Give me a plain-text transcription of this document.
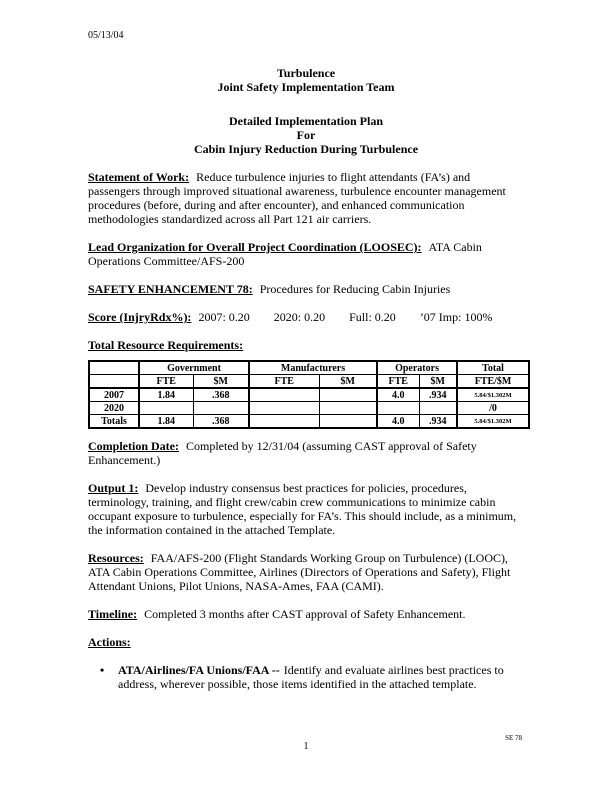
05/13/04
Turbulence
Joint Safety Implementation Team
Detailed Implementation Plan
For
Cabin Injury Reduction During Turbulence

Statement of Work: Reduce turbulence injuries to flight attendants (FA’s) and passengers through improved situational awareness, turbulence encounter management procedures (before, during and after encounter), and enhanced communication methodologies standardized across all Part 121 air carriers.

Lead Organization for Overall Project Coordination (LOOSEC): ATA Cabin Operations Committee/AFS-200

SAFETY ENHANCEMENT 78: Procedures for Reducing Cabin Injuries

Score (InjryRdx%): 2007: 0.20 2020: 0.20 Full: 0.20 ’07 Imp: 100%

Total Resource Requirements:

	Government		Manufacturers		Operators		Total
	FTE	$M	FTE	$M	FTE	$M	FTE/$M
2007	1.84	.368			4.0	.934	5.84/$1.302M
2020							/0
Totals	1.84	.368			4.0	.934	5.84/$1.302M

Completion Date: Completed by 12/31/04 (assuming CAST approval of Safety Enhancement.)

Output 1: Develop industry consensus best practices for policies, procedures, terminology, training, and flight crew/cabin crew communications to minimize cabin occupant exposure to turbulence, especially for FA’s. This should include, as a minimum, the information contained in the attached Template.

Resources: FAA/AFS-200 (Flight Standards Working Group on Turbulence) (LOOC), ATA Cabin Operations Committee, Airlines (Directors of Operations and Safety), Flight Attendant Unions, Pilot Unions, NASA-Ames, FAA (CAMI).

Timeline: Completed 3 months after CAST approval of Safety Enhancement.

Actions:

•
ATA/Airlines/FA Unions/FAA -- Identify and evaluate airlines best practices to address, wherever possible, those items identified in the attached template.
SE 78
1
